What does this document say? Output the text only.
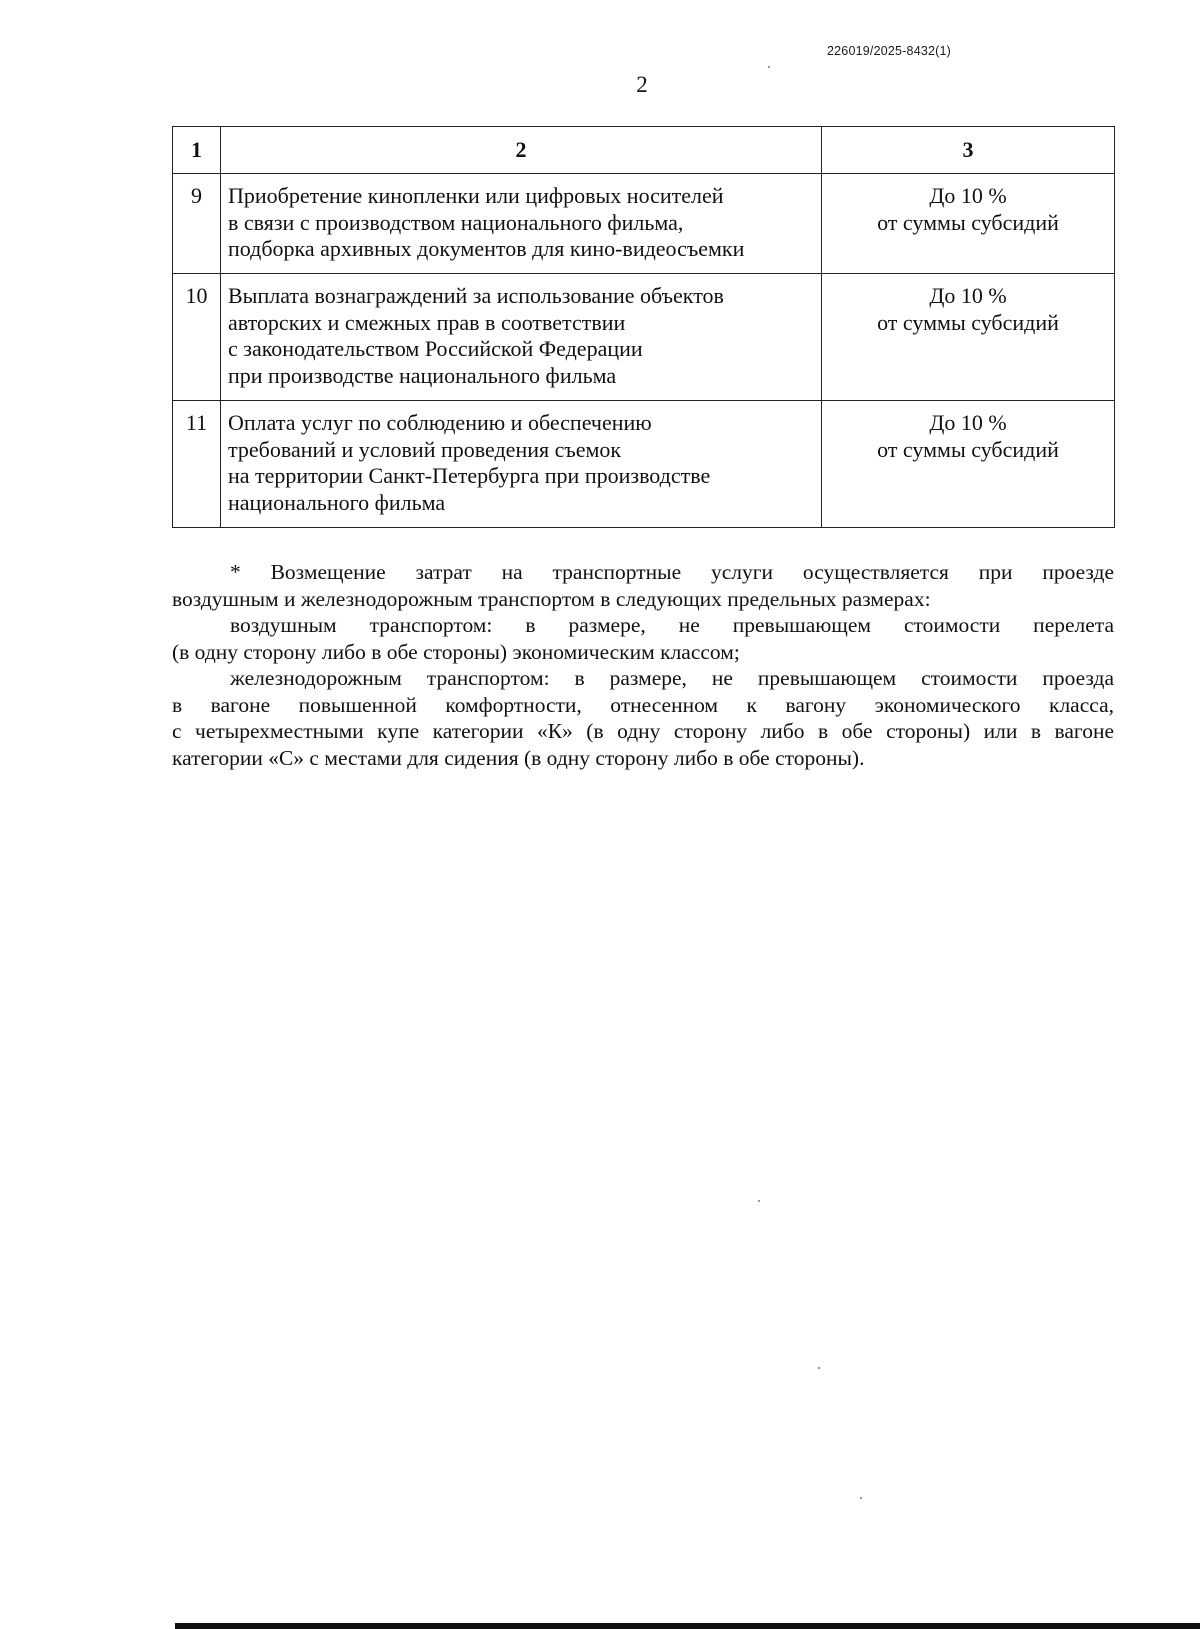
226019/2025-8432(1)
2
1	2	3
9	Приобретение кинопленки или цифровых носителей
в связи с производством национального фильма,
подборка архивных документов для кино-видеосъемки	До 10 %
от суммы субсидий

10	Выплата вознаграждений за использование объектов
авторских и смежных прав в соответствии
с законодательством Российской Федерации
при производстве национального фильма	До 10 %
от суммы субсидий

11	Оплата услуг по соблюдению и обеспечению
требований и условий проведения съемок
на территории Санкт-Петербурга при производстве
национального фильма	До 10 %
от суммы субсидий

* Возмещение затрат на транспортные услуги осуществляется при проезде
воздушным и железнодорожным транспортом в следующих предельных размерах:

воздушным транспортом: в размере, не превышающем стоимости перелета
(в одну сторону либо в обе стороны) экономическим классом;

железнодорожным транспортом: в размере, не превышающем стоимости проезда
в вагоне повышенной комфортности, отнесенном к вагону экономического класса,
с четырехместными купе категории «К» (в одну сторону либо в обе стороны) или в вагоне
категории «С» с местами для сидения (в одну сторону либо в обе стороны).
